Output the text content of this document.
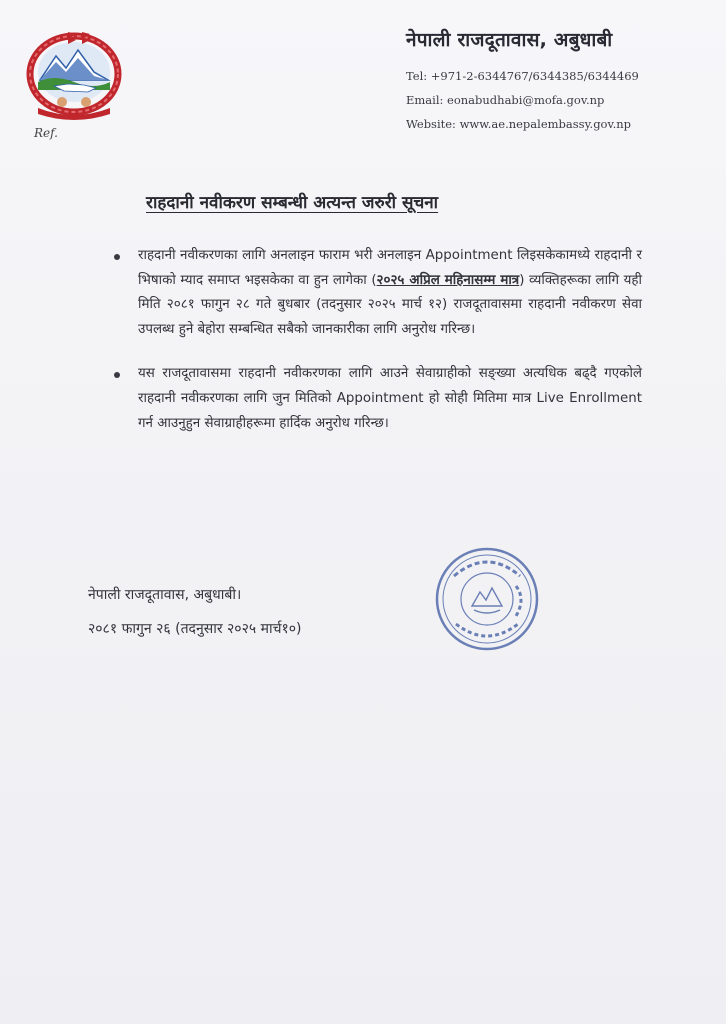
Ref.
नेपाली राजदूतावास, अबुधाबी
Tel: +971-2-6344767/6344385/6344469
Email: eonabudhabi@mofa.gov.np
Website: www.ae.nepalembassy.gov.np
राहदानी नवीकरण सम्बन्धी अत्यन्त जरुरी सूचना
राहदानी नवीकरणका लागि अनलाइन फाराम भरी अनलाइन Appointment लिइसकेकामध्ये राहदानी र भिषाको म्याद समाप्त भइसकेका वा हुन लागेका (२०२५ अप्रिल महिनासम्म मात्र) व्यक्तिहरूका लागि यही मिति २०८१ फागुन २८ गते बुधबार (तदनुसार २०२५ मार्च १२) राजदूतावासमा राहदानी नवीकरण सेवा उपलब्ध हुने बेहोरा सम्बन्धित सबैको जानकारीका लागि अनुरोध गरिन्छ।
यस राजदूतावासमा राहदानी नवीकरणका लागि आउने सेवाग्राहीको सङ्ख्या अत्यधिक बढ्दै गएकोले राहदानी नवीकरणका लागि जुन मितिको Appointment हो सोही मितिमा मात्र Live Enrollment गर्न आउनुहुन सेवाग्राहीहरूमा हार्दिक अनुरोध गरिन्छ।
नेपाली राजदूतावास, अबुधाबी।
२०८१ फागुन २६ (तदनुसार २०२५ मार्च१०)
